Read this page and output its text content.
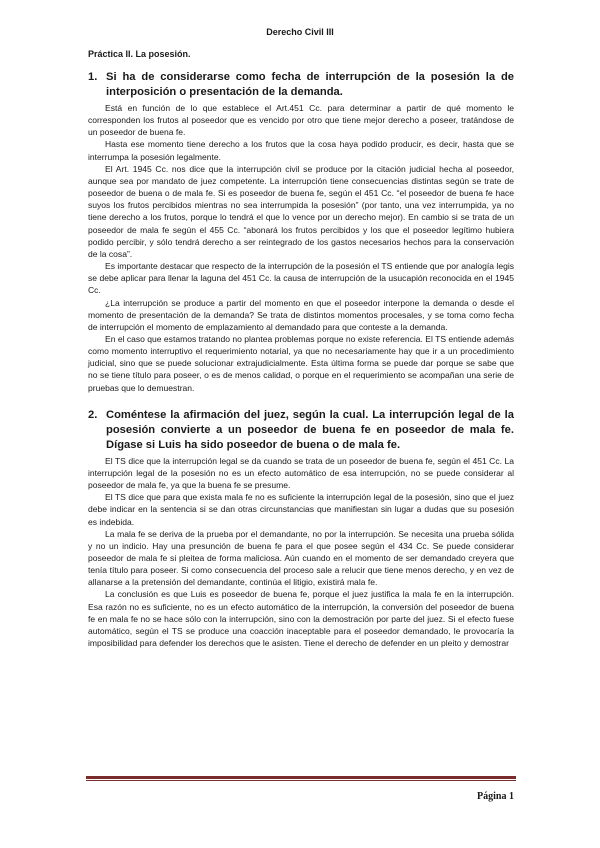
Derecho Civil III
Práctica II. La posesión.
1. Si ha de considerarse como fecha de interrupción de la posesión la de interposición o presentación de la demanda.

Está en función de lo que establece el Art.451 Cc. para determinar a partir de qué momento le corresponden los frutos al poseedor que es vencido por otro que tiene mejor derecho a poseer, tratándose de un poseedor de buena fe.

Hasta ese momento tiene derecho a los frutos que la cosa haya podido producir, es decir, hasta que se interrumpa la posesión legalmente.

El Art. 1945 Cc. nos dice que la interrupción civil se produce por la citación judicial hecha al poseedor, aunque sea por mandato de juez competente. La interrupción tiene consecuencias distintas según se trate de poseedor de buena o de mala fe. Si es poseedor de buena fe, según el 451 Cc. “el poseedor de buena fe hace suyos los frutos percibidos mientras no sea interrumpida la posesión” (por tanto, una vez interrumpida, ya no tiene derecho a los frutos, porque lo tendrá el que lo vence por un derecho mejor). En cambio si se trata de un poseedor de mala fe según el 455 Cc. “abonará los frutos percibidos y los que el poseedor legítimo hubiera podido percibir, y sólo tendrá derecho a ser reintegrado de los gastos necesarios hechos para la conservación de la cosa”.

Es importante destacar que respecto de la interrupción de la posesión el TS entiende que por analogía legis se debe aplicar para llenar la laguna del 451 Cc. la causa de interrupción de la usucapión reconocida en el 1945 Cc.

¿La interrupción se produce a partir del momento en que el poseedor interpone la demanda o desde el momento de presentación de la demanda? Se trata de distintos momentos procesales, y se toma como fecha de interrupción el momento de emplazamiento al demandado para que conteste a la demanda.

En el caso que estamos tratando no plantea problemas porque no existe referencia. El TS entiende además como momento interruptivo el requerimiento notarial, ya que no necesariamente hay que ir a un procedimiento judicial, sino que se puede solucionar extrajudicialmente. Esta última forma se puede dar porque se sabe que no se tiene título para poseer, o es de menos calidad, o porque en el requerimiento se acompañan una serie de pruebas que lo demuestran.

2. Coméntese la afirmación del juez, según la cual. La interrupción legal de la posesión convierte a un poseedor de buena fe en poseedor de mala fe. Dígase si Luis ha sido poseedor de buena o de mala fe.

El TS dice que la interrupción legal se da cuando se trata de un poseedor de buena fe, según el 451 Cc. La interrupción legal de la posesión no es un efecto automático de esa interrupción, no se puede considerar al poseedor de mala fe, ya que la buena fe se presume.

El TS dice que para que exista mala fe no es suficiente la interrupción legal de la posesión, sino que el juez debe indicar en la sentencia si se dan otras circunstancias que manifiestan sin lugar a dudas que su posesión es indebida.

La mala fe se deriva de la prueba por el demandante, no por la interrupción. Se necesita una prueba sólida y no un indicio. Hay una presunción de buena fe para el que posee según el 434 Cc. Se puede considerar poseedor de mala fe si pleitea de forma maliciosa. Aún cuando en el momento de ser demandado creyera que tenía título para poseer. Si como consecuencia del proceso sale a relucir que tiene menos derecho, y en vez de allanarse a la pretensión del demandante, continúa el litigio, existirá mala fe.

La conclusión es que Luis es poseedor de buena fe, porque el juez justifica la mala fe en la interrupción. Esa razón no es suficiente, no es un efecto automático de la interrupción, la conversión del poseedor de buena fe en mala fe no se hace sólo con la interrupción, sino con la demostración por parte del juez. Si el efecto fuese automático, según el TS se produce una coacción inaceptable para el poseedor demandado, le provocaría la imposibilidad para defender los derechos que le asisten. Tiene el derecho de defender en un pleito y demostrar

Página 1
